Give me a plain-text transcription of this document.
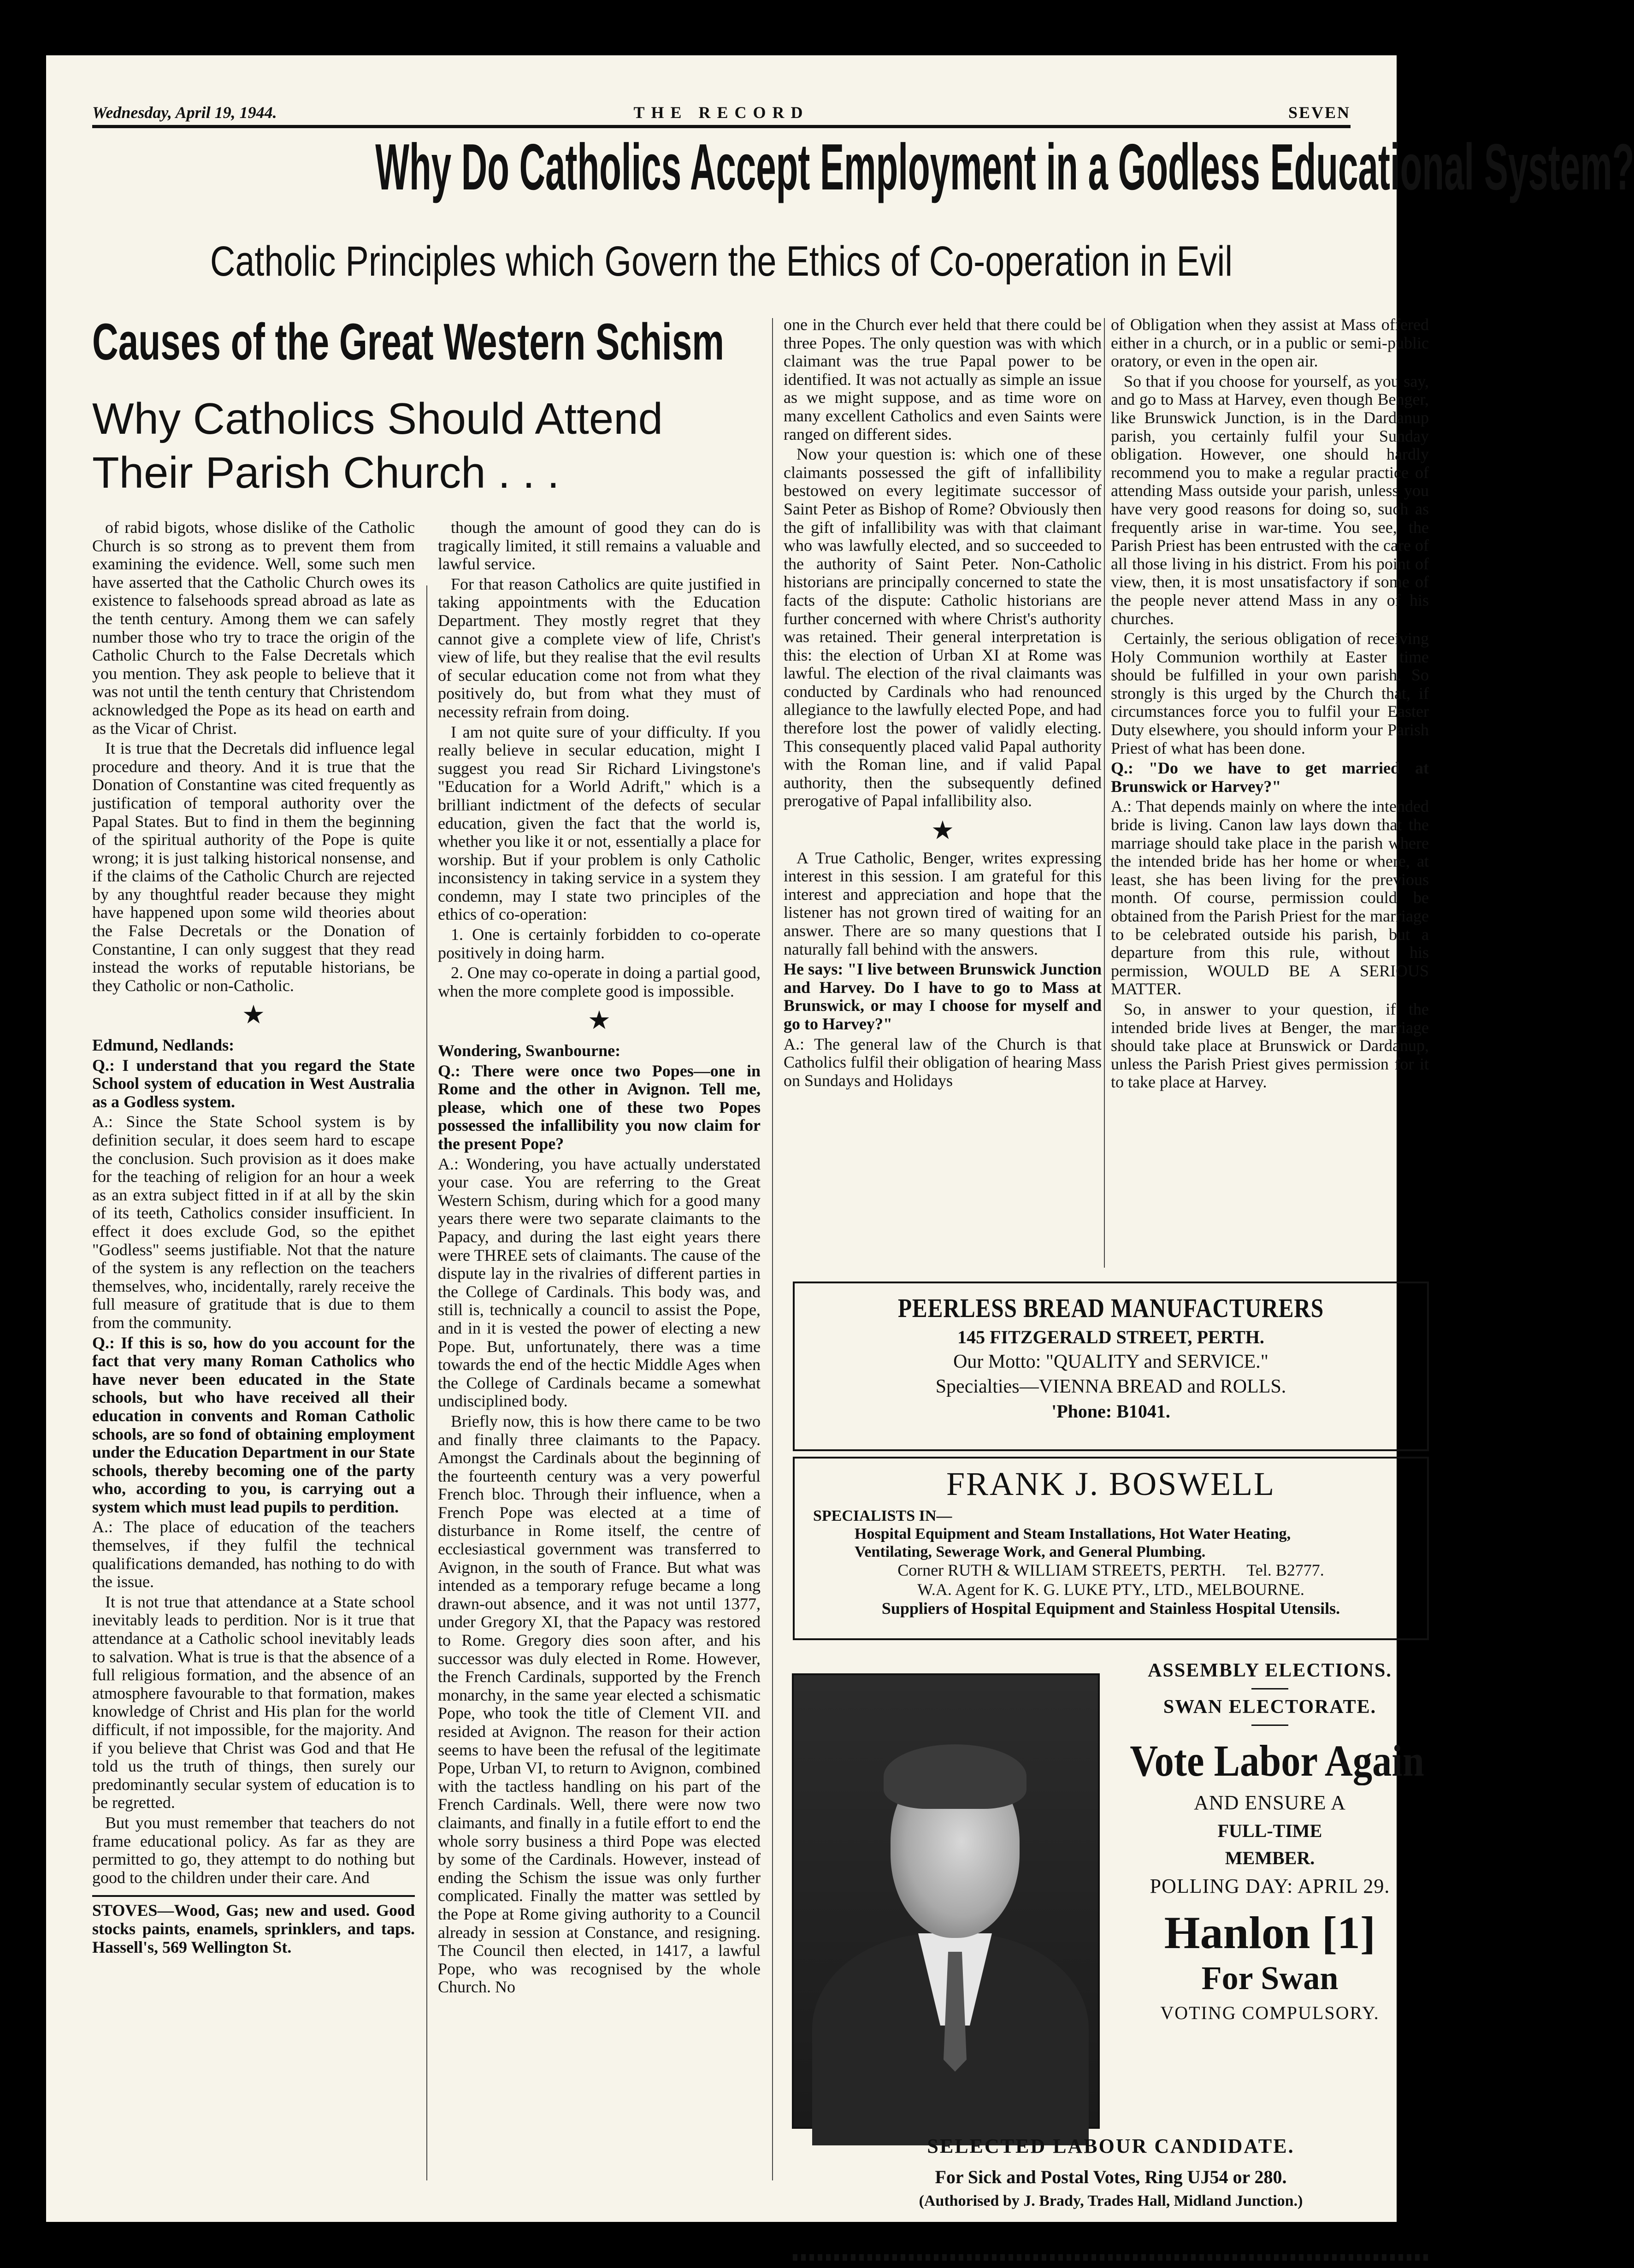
Wednesday, April 19, 1944.	THE RECORD	SEVEN
Why Do Catholics Accept Employment in a Godless Educational System?
Catholic Principles which Govern the Ethics of Co-operation in Evil
Causes of the Great Western Schism
Why Catholics Should Attend
Their Parish Church . . .

of rabid bigots, whose dislike of the Catholic Church is so strong as to prevent them from examining the evidence. Well, some such men have asserted that the Catholic Church owes its existence to falsehoods spread abroad as late as the tenth century. Among them we can safely number those who try to trace the origin of the Catholic Church to the False Decretals which you mention. They ask people to believe that it was not until the tenth century that Christendom acknowledged the Pope as its head on earth and as the Vicar of Christ.

It is true that the Decretals did influence legal procedure and theory. And it is true that the Donation of Constantine was cited frequently as justification of temporal authority over the Papal States. But to find in them the beginning of the spiritual authority of the Pope is quite wrong; it is just talking historical nonsense, and if the claims of the Catholic Church are rejected by any thoughtful reader because they might have happened upon some wild theories about the False Decretals or the Donation of Constantine, I can only suggest that they read instead the works of reputable historians, be they Catholic or non-Catholic.

★

Edmund, Nedlands:

Q.: I understand that you regard the State School system of education in West Australia as a Godless system.

A.: Since the State School system is by definition secular, it does seem hard to escape the conclusion. Such provision as it does make for the teaching of religion for an hour a week as an extra subject fitted in if at all by the skin of its teeth, Catholics consider insufficient. In effect it does exclude God, so the epithet "Godless" seems justifiable. Not that the nature of the system is any reflection on the teachers themselves, who, incidentally, rarely receive the full measure of gratitude that is due to them from the community.

Q.: If this is so, how do you account for the fact that very many Roman Catholics who have never been educated in the State schools, but who have received all their education in convents and Roman Catholic schools, are so fond of obtaining employment under the Education Department in our State schools, thereby becoming one of the party who, according to you, is carrying out a system which must lead pupils to perdition.

A.: The place of education of the teachers themselves, if they fulfil the technical qualifications demanded, has nothing to do with the issue.

It is not true that attendance at a State school inevitably leads to perdition. Nor is it true that attendance at a Catholic school inevitably leads to salvation. What is true is that the absence of a full religious formation, and the absence of an atmosphere favourable to that formation, makes knowledge of Christ and His plan for the world difficult, if not impossible, for the majority. And if you believe that Christ was God and that He told us the truth of things, then surely our predominantly secular system of education is to be regretted.

But you must remember that teachers do not frame educational policy. As far as they are permitted to go, they attempt to do nothing but good to the children under their care. And

STOVES—Wood, Gas; new and used. Good stocks paints, enamels, sprinklers, and taps. Hassell's, 569 Wellington St.

though the amount of good they can do is tragically limited, it still remains a valuable and lawful service.

For that reason Catholics are quite justified in taking appointments with the Education Department. They mostly regret that they cannot give a complete view of life, Christ's view of life, but they realise that the evil results of secular education come not from what they positively do, but from what they must of necessity refrain from doing.

I am not quite sure of your difficulty. If you really believe in secular education, might I suggest you read Sir Richard Livingstone's "Education for a World Adrift," which is a brilliant indictment of the defects of secular education, given the fact that the world is, whether you like it or not, essentially a place for worship. But if your problem is only Catholic inconsistency in taking service in a system they condemn, may I state two principles of the ethics of co-operation:

1. One is certainly forbidden to co-operate positively in doing harm.

2. One may co-operate in doing a partial good, when the more complete good is impossible.

★

Wondering, Swanbourne:

Q.: There were once two Popes—one in Rome and the other in Avignon. Tell me, please, which one of these two Popes possessed the infallibility you now claim for the present Pope?

A.: Wondering, you have actually understated your case. You are referring to the Great Western Schism, during which for a good many years there were two separate claimants to the Papacy, and during the last eight years there were THREE sets of claimants. The cause of the dispute lay in the rivalries of different parties in the College of Cardinals. This body was, and still is, technically a council to assist the Pope, and in it is vested the power of electing a new Pope. But, unfortunately, there was a time towards the end of the hectic Middle Ages when the College of Cardinals became a somewhat undisciplined body.

Briefly now, this is how there came to be two and finally three claimants to the Papacy. Amongst the Cardinals about the beginning of the fourteenth century was a very powerful French bloc. Through their influence, when a French Pope was elected at a time of disturbance in Rome itself, the centre of ecclesiastical government was transferred to Avignon, in the south of France. But what was intended as a temporary refuge became a long drawn-out absence, and it was not until 1377, under Gregory XI, that the Papacy was restored to Rome. Gregory dies soon after, and his successor was duly elected in Rome. However, the French Cardinals, supported by the French monarchy, in the same year elected a schismatic Pope, who took the title of Clement VII. and resided at Avignon. The reason for their action seems to have been the refusal of the legitimate Pope, Urban VI, to return to Avignon, combined with the tactless handling on his part of the French Cardinals. Well, there were now two claimants, and finally in a futile effort to end the whole sorry business a third Pope was elected by some of the Cardinals. However, instead of ending the Schism the issue was only further complicated. Finally the matter was settled by the Pope at Rome giving authority to a Council already in session at Constance, and resigning. The Council then elected, in 1417, a lawful Pope, who was recognised by the whole Church. No

one in the Church ever held that there could be three Popes. The only question was with which claimant was the true Papal power to be identified. It was not actually as simple an issue as we might suppose, and as time wore on many excellent Catholics and even Saints were ranged on different sides.

Now your question is: which one of these claimants possessed the gift of infallibility bestowed on every legitimate successor of Saint Peter as Bishop of Rome? Obviously then the gift of infallibility was with that claimant who was lawfully elected, and so succeeded to the authority of Saint Peter. Non-Catholic historians are principally concerned to state the facts of the dispute: Catholic historians are further concerned with where Christ's authority was retained. Their general interpretation is this: the election of Urban XI at Rome was lawful. The election of the rival claimants was conducted by Cardinals who had renounced allegiance to the lawfully elected Pope, and had therefore lost the power of validly electing. This consequently placed valid Papal authority with the Roman line, and if valid Papal authority, then the subsequently defined prerogative of Papal infallibility also.

★

A True Catholic, Benger, writes expressing interest in this session. I am grateful for this interest and appreciation and hope that the listener has not grown tired of waiting for an answer. There are so many questions that I naturally fall behind with the answers.

He says: "I live between Brunswick Junction and Harvey. Do I have to go to Mass at Brunswick, or may I choose for myself and go to Harvey?"

A.: The general law of the Church is that Catholics fulfil their obligation of hearing Mass on Sundays and Holidays

of Obligation when they assist at Mass offered either in a church, or in a public or semi-public oratory, or even in the open air.

So that if you choose for yourself, as you say, and go to Mass at Harvey, even though Benger, like Brunswick Junction, is in the Dardanup parish, you certainly fulfil your Sunday obligation. However, one should hardly recommend you to make a regular practice of attending Mass outside your parish, unless you have very good reasons for doing so, such as frequently arise in war-time. You see, the Parish Priest has been entrusted with the care of all those living in his district. From his point of view, then, it is most unsatisfactory if some of the people never attend Mass in any of his churches.

Certainly, the serious obligation of receiving Holy Communion worthily at Easter time should be fulfilled in your own parish. So strongly is this urged by the Church that, if circumstances force you to fulfil your Easter Duty elsewhere, you should inform your Parish Priest of what has been done.

Q.: "Do we have to get married at Brunswick or Harvey?"

A.: That depends mainly on where the intended bride is living. Canon law lays down that the marriage should take place in the parish where the intended bride has her home or where, at least, she has been living for the previous month. Of course, permission could be obtained from the Parish Priest for the marriage to be celebrated outside his parish, but a departure from this rule, without his permission, WOULD BE A SERIOUS MATTER.

So, in answer to your question, if the intended bride lives at Benger, the marriage should take place at Brunswick or Dardanup, unless the Parish Priest gives permission for it to take place at Harvey.

PEERLESS BREAD MANUFACTURERS
145 FITZGERALD STREET, PERTH.
Our Motto: "QUALITY and SERVICE."
Specialties—VIENNA BREAD and ROLLS.
'Phone: B1041.
FRANK J. BOSWELL
SPECIALISTS IN—
Hospital Equipment and Steam Installations, Hot Water Heating,
Ventilating, Sewerage Work, and General Plumbing.
Corner RUTH & WILLIAM STREETS, PERTH. Tel. B2777.
W.A. Agent for K. G. LUKE PTY., LTD., MELBOURNE.
Suppliers of Hospital Equipment and Stainless Hospital Utensils.
ASSEMBLY ELECTIONS.
SWAN ELECTORATE.
Vote Labor Again
AND ENSURE A
FULL-TIME
MEMBER.
POLLING DAY: APRIL 29.
Hanlon [1]
For Swan
VOTING COMPULSORY.
SELECTED LABOUR CANDIDATE.
For Sick and Postal Votes, Ring UJ54 or 280.
(Authorised by J. Brady, Trades Hall, Midland Junction.)
